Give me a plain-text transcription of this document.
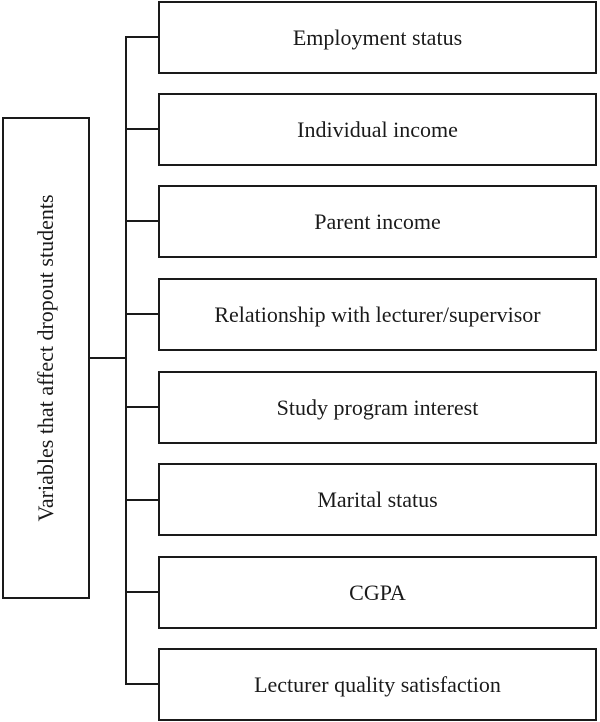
Variables that affect dropout students
Employment status
Individual income
Parent income
Relationship with lecturer/supervisor
Study program interest
Marital status
CGPA
Lecturer quality satisfaction
